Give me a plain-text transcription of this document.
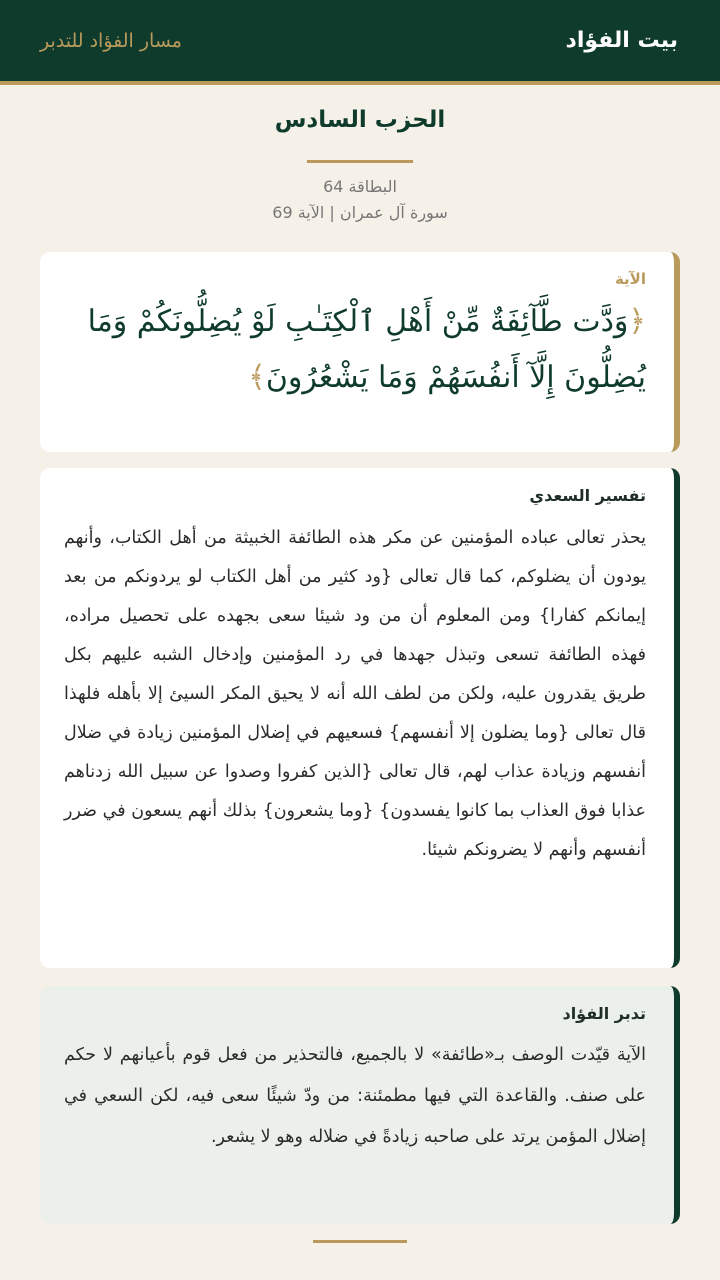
بيت الفؤاد
مسار الفؤاد للتدبر
الحزب السادس
البطاقة 64
سورة آل عمران | الآية 69
الآية
﴿وَدَّت طَّآئِفَةٌ مِّنْ أَهْلِ ٱلْكِتَـٰبِ لَوْ يُضِلُّونَكُمْ وَمَا يُضِلُّونَ إِلَّآ أَنفُسَهُمْ وَمَا يَشْعُرُونَ﴾
تفسير السعدي

يحذر تعالى عباده المؤمنين عن مكر هذه الطائفة الخبيثة من أهل الكتاب، وأنهم يودون أن يضلوكم، كما قال تعالى {ود كثير من أهل الكتاب لو يردونكم من بعد إيمانكم كفارا} ومن المعلوم أن من ود شيئا سعى بجهده على تحصيل مراده، فهذه الطائفة تسعى وتبذل جهدها في رد المؤمنين وإدخال الشبه عليهم بكل طريق يقدرون عليه، ولكن من لطف الله أنه لا يحيق المكر السيئ إلا بأهله فلهذا قال تعالى {وما يضلون إلا أنفسهم} فسعيهم في إضلال المؤمنين زيادة في ضلال أنفسهم وزيادة عذاب لهم، قال تعالى {الذين كفروا وصدوا عن سبيل الله زدناهم عذابا فوق العذاب بما كانوا يفسدون} {وما يشعرون} بذلك أنهم يسعون في ضرر أنفسهم وأنهم لا يضرونكم شيئا.

تدبر الفؤاد

الآية قيّدت الوصف بـ«طائفة» لا بالجميع، فالتحذير من فعل قوم بأعيانهم لا حكم على صنف. والقاعدة التي فيها مطمئنة: من ودّ شيئًا سعى فيه، لكن السعي في إضلال المؤمن يرتد على صاحبه زيادةً في ضلاله وهو لا يشعر.
